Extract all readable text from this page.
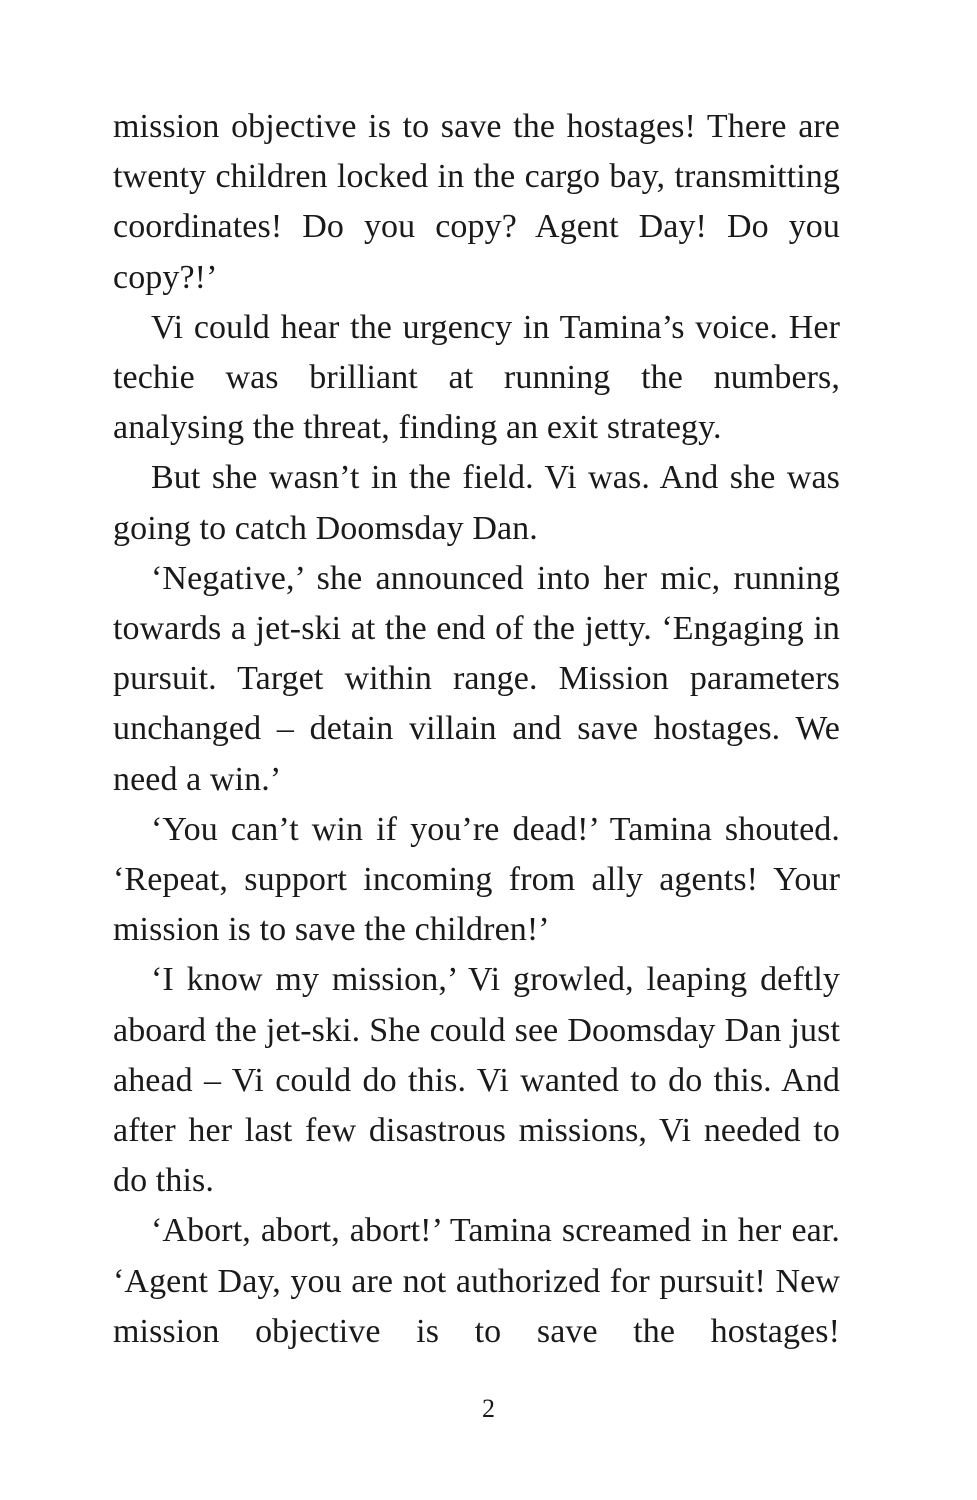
mission objective is to save the hostages! There are twenty children locked in the cargo bay, transmitting coordinates! Do you copy? Agent Day! Do you copy?!’

Vi could hear the urgency in Tamina’s voice. Her techie was brilliant at running the numbers, analysing the threat, finding an exit strategy.

But she wasn’t in the field. Vi was. And she was going to catch Doomsday Dan.

‘Negative,’ she announced into her mic, running towards a jet-ski at the end of the jetty. ‘Engaging in pursuit. Target within range. Mission parameters unchanged – detain villain and save hostages. We need a win.’

‘You can’t win if you’re dead!’ Tamina shouted. ‘Repeat, support incoming from ally agents! Your mission is to save the children!’

‘I know my mission,’ Vi growled, leaping deftly aboard the jet-ski. She could see Doomsday Dan just ahead – Vi could do this. Vi wanted to do this. And after her last few disastrous missions, Vi needed to do this.

‘Abort, abort, abort!’ Tamina screamed in her ear. ‘Agent Day, you are not authorized for pursuit! New mission objective is to save the hostages!

2
